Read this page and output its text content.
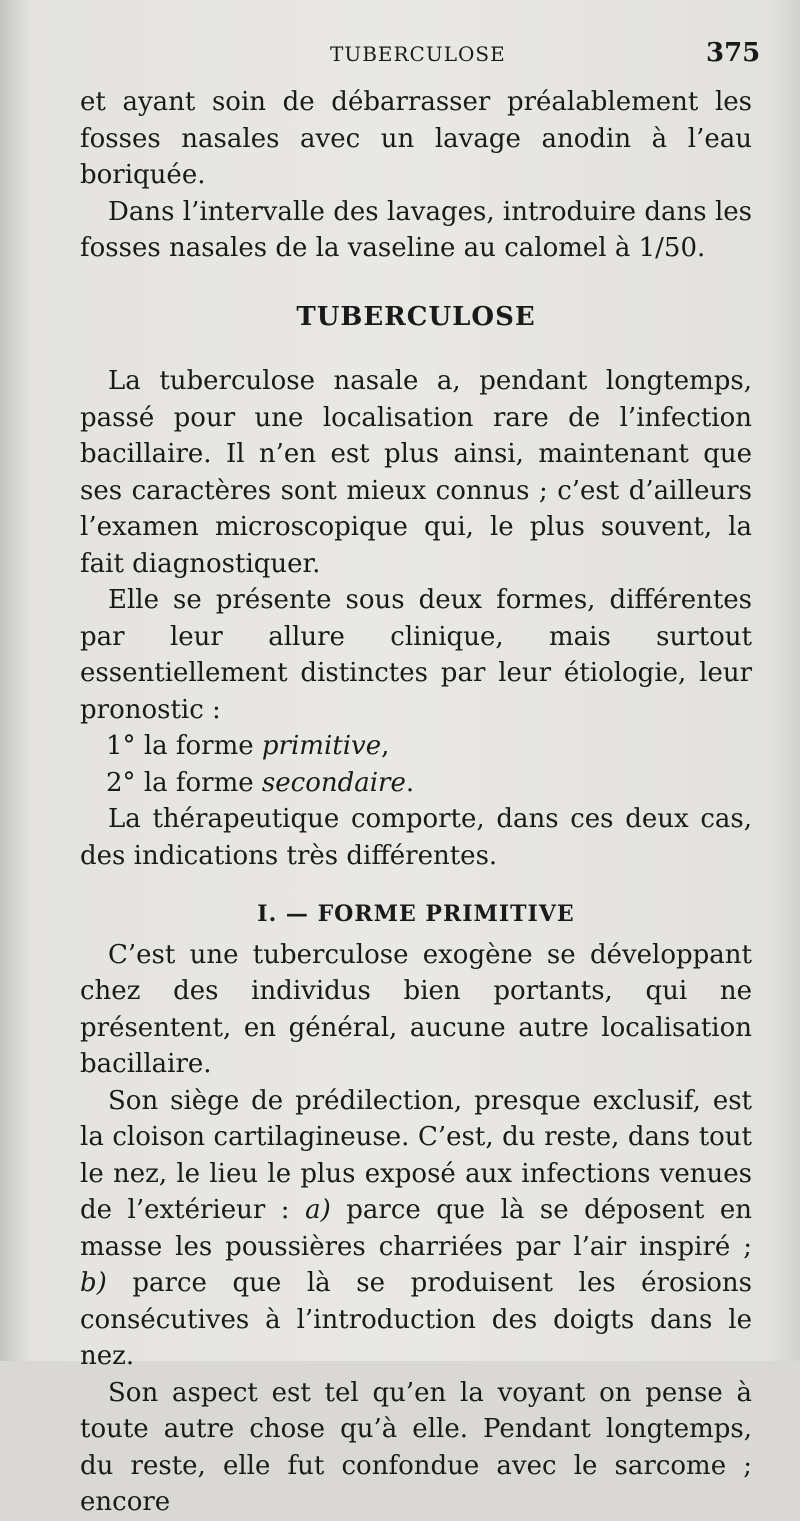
TUBERCULOSE	375

et ayant soin de débarrasser préalablement les fosses nasales avec un lavage anodin à l’eau boriquée.

Dans l’intervalle des lavages, introduire dans les fosses nasales de la vaseline au calomel à 1/50.

TUBERCULOSE

La tuberculose nasale a, pendant longtemps, passé pour une localisation rare de l’infection bacillaire. Il n’en est plus ainsi, maintenant que ses caractères sont mieux connus ; c’est d’ailleurs l’examen microscopique qui, le plus souvent, la fait diagnostiquer.

Elle se présente sous deux formes, différentes par leur allure clinique, mais surtout essentiellement distinctes par leur étiologie, leur pronostic :

1° la forme primitive,

2° la forme secondaire.

La thérapeutique comporte, dans ces deux cas, des indications très différentes.

I. — FORME PRIMITIVE

C’est une tuberculose exogène se développant chez des individus bien portants, qui ne présentent, en général, aucune autre localisation bacillaire.

Son siège de prédilection, presque exclusif, est la cloison cartilagineuse. C’est, du reste, dans tout le nez, le lieu le plus exposé aux infections venues de l’extérieur : a) parce que là se déposent en masse les poussières charriées par l’air inspiré ; b) parce que là se produisent les érosions consécutives à l’introduction des doigts dans le nez.

Son aspect est tel qu’en la voyant on pense à toute autre chose qu’à elle. Pendant longtemps, du reste, elle fut confondue avec le sarcome ; encore
